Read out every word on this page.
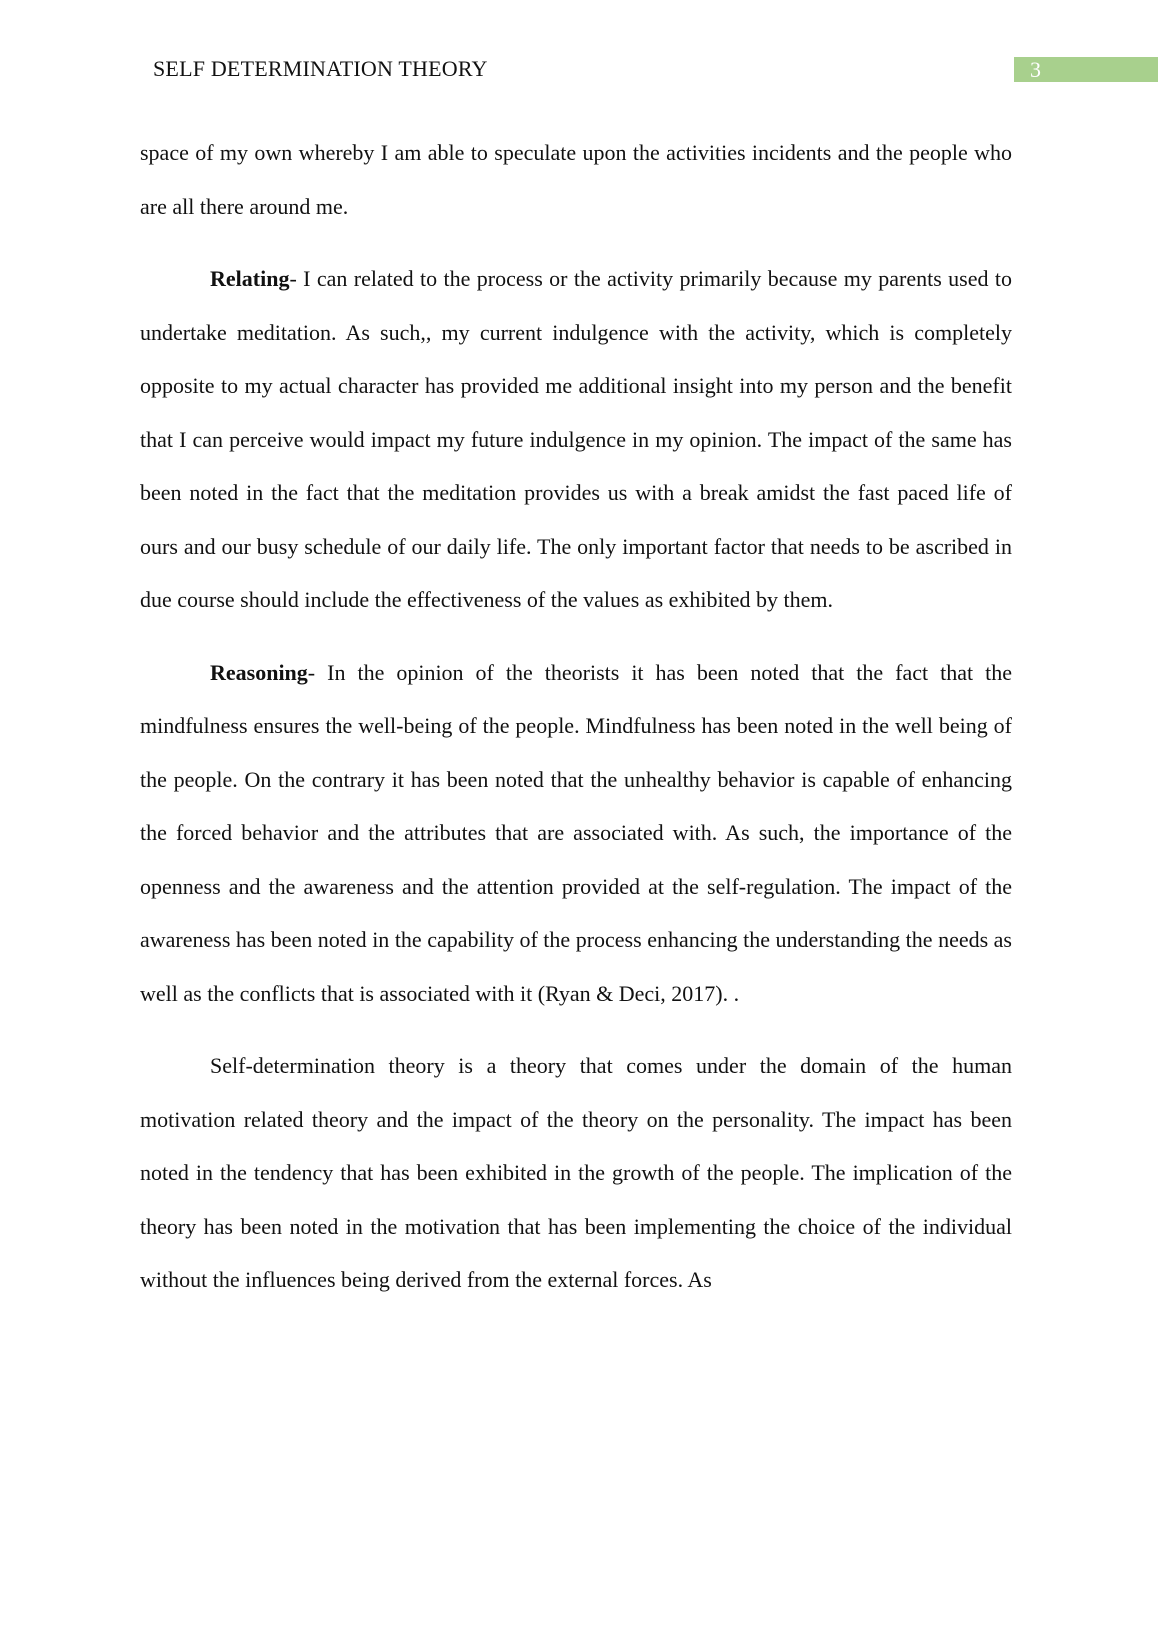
SELF DETERMINATION THEORY	3

space of my own whereby I am able to speculate upon the activities incidents and the people who are all there around me.

Relating- I can related to the process or the activity primarily because my parents used to undertake meditation. As such,, my current indulgence with the activity, which is completely opposite to my actual character has provided me additional insight into my person and the benefit that I can perceive would impact my future indulgence in my opinion. The impact of the same has been noted in the fact that the meditation provides us with a break amidst the fast paced life of ours and our busy schedule of our daily life. The only important factor that needs to be ascribed in due course should include the effectiveness of the values as exhibited by them.

Reasoning- In the opinion of the theorists it has been noted that the fact that the mindfulness ensures the well-being of the people. Mindfulness has been noted in the well being of the people. On the contrary it has been noted that the unhealthy behavior is capable of enhancing the forced behavior and the attributes that are associated with. As such, the importance of the openness and the awareness and the attention provided at the self-regulation. The impact of the awareness has been noted in the capability of the process enhancing the understanding the needs as well as the conflicts that is associated with it (Ryan & Deci, 2017). .

Self-determination theory is a theory that comes under the domain of the human motivation related theory and the impact of the theory on the personality. The impact has been noted in the tendency that has been exhibited in the growth of the people. The implication of the theory has been noted in the motivation that has been implementing the choice of the individual without the influences being derived from the external forces. As
